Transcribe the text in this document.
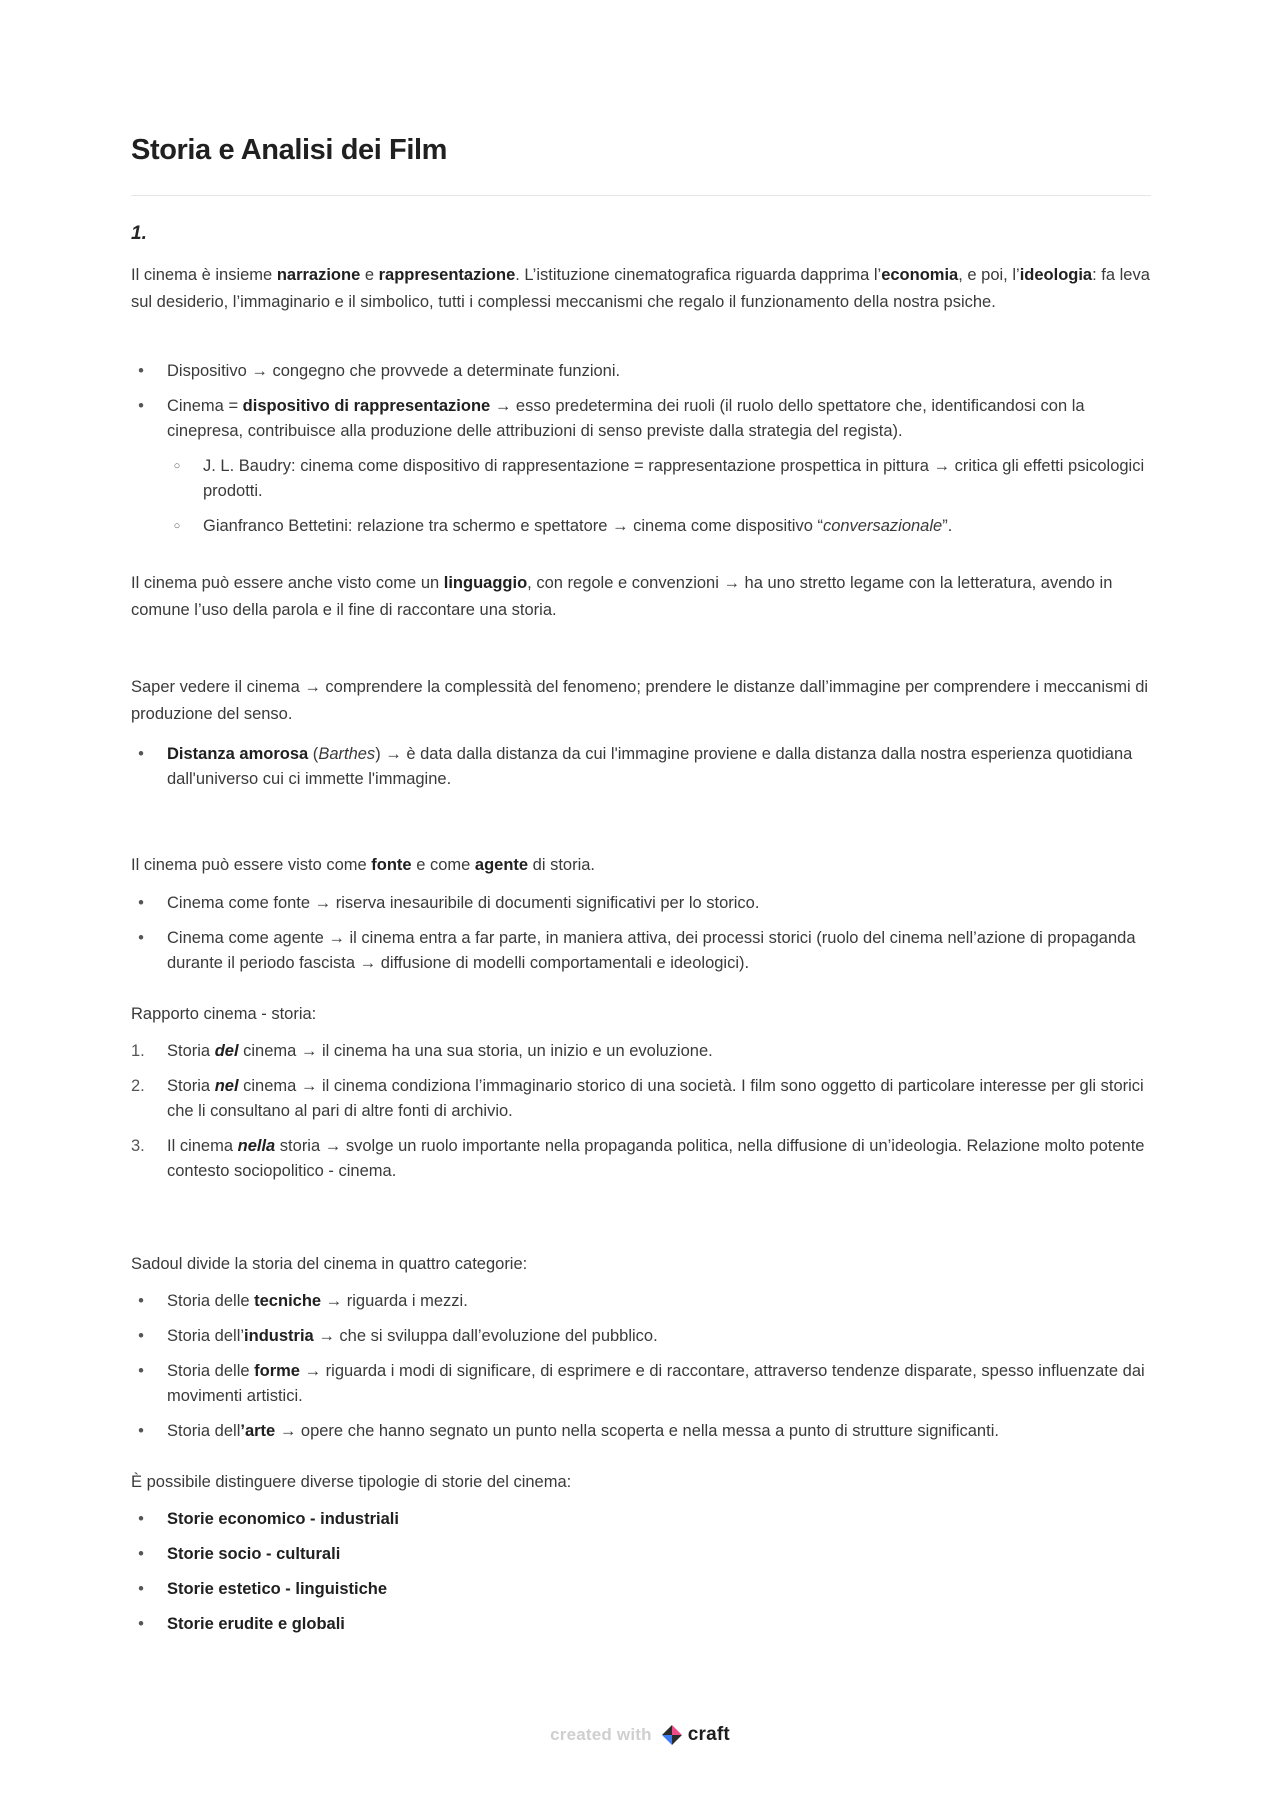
Storia e Analisi dei Film
1.
Il cinema è insieme narrazione e rappresentazione. L’istituzione cinematografica riguarda dapprima l’economia, e poi, l’ideologia: fa leva sul desiderio, l’immaginario e il simbolico, tutti i complessi meccanismi che regalo il funzionamento della nostra psiche.
•	Dispositivo → congegno che provvede a determinate funzioni.
•	Cinema = dispositivo di rappresentazione → esso predetermina dei ruoli (il ruolo dello spettatore che, identificandosi con la cinepresa, contribuisce alla produzione delle attribuzioni di senso previste dalla strategia del regista).
○	J. L. Baudry: cinema come dispositivo di rappresentazione = rappresentazione prospettica in pittura → critica gli effetti psicologici prodotti.
○	Gianfranco Bettetini: relazione tra schermo e spettatore → cinema come dispositivo “conversazionale”.
Il cinema può essere anche visto come un linguaggio, con regole e convenzioni → ha uno stretto legame con la letteratura, avendo in comune l’uso della parola e il fine di raccontare una storia.
Saper vedere il cinema → comprendere la complessità del fenomeno; prendere le distanze dall’immagine per comprendere i meccanismi di produzione del senso.
•	Distanza amorosa (Barthes) → è data dalla distanza da cui l'immagine proviene e dalla distanza dalla nostra esperienza quotidiana dall'universo cui ci immette l'immagine.
Il cinema può essere visto come fonte e come agente di storia.
•	Cinema come fonte → riserva inesauribile di documenti significativi per lo storico.
•	Cinema come agente → il cinema entra a far parte, in maniera attiva, dei processi storici (ruolo del cinema nell’azione di propaganda durante il periodo fascista → diffusione di modelli comportamentali e ideologici).
Rapporto cinema - storia:
1.	Storia del cinema → il cinema ha una sua storia, un inizio e un evoluzione.
2.	Storia nel cinema → il cinema condiziona l’immaginario storico di una società. I film sono oggetto di particolare interesse per gli storici che li consultano al pari di altre fonti di archivio.
3.	Il cinema nella storia → svolge un ruolo importante nella propaganda politica, nella diffusione di un’ideologia. Relazione molto potente contesto sociopolitico - cinema.
Sadoul divide la storia del cinema in quattro categorie:
•	Storia delle tecniche → riguarda i mezzi.
•	Storia dell’industria → che si sviluppa dall’evoluzione del pubblico.
•	Storia delle forme → riguarda i modi di significare, di esprimere e di raccontare, attraverso tendenze disparate, spesso influenzate dai movimenti artistici.
•	Storia dell’arte → opere che hanno segnato un punto nella scoperta e nella messa a punto di strutture significanti.
È possibile distinguere diverse tipologie di storie del cinema:
•	Storie economico - industriali
•	Storie socio - culturali
•	Storie estetico - linguistiche
•	Storie erudite e globali
created with craft
